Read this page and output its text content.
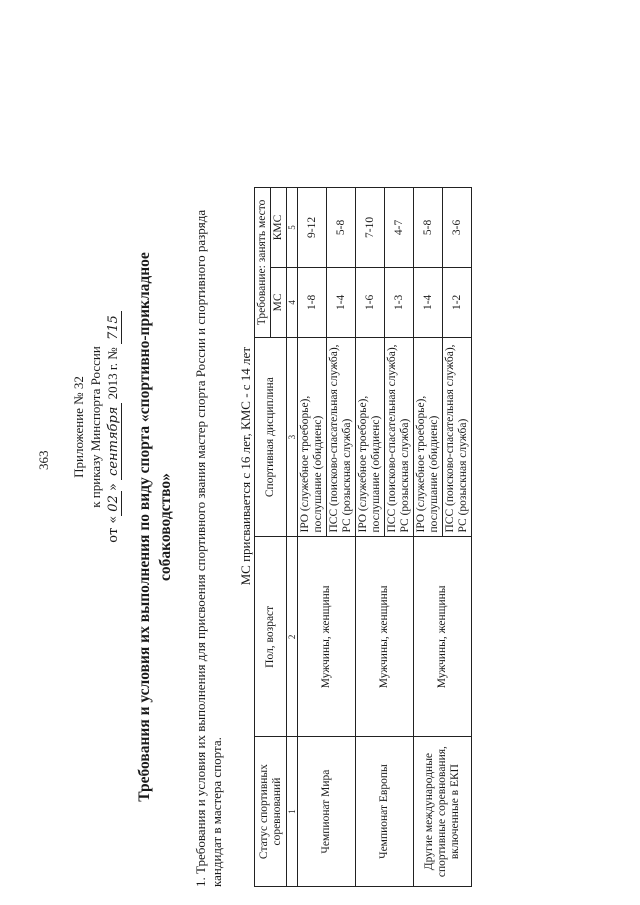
363 Приложение № 32 к приказу Минспорта России
от «02» сентября 2013 г. № 715 Требования и условия их выполнения по виду спорта «спортивно-прикладное собаководство» 1. Требования и условия их выполнения для присвоения спортивного звания мастер спорта России и спортивного разряда кандидат в мастера спорта.
МС присваивается с 16 лет, КМС - с 14 лет
Статус спортивных соревнований	Пол, возраст	Спортивная дисциплина	Требование: занять место	
			МС	КМС
1	2	3	4	5
Чемпионат Мира	Мужчины, женщины	IPO (служебное троеборье), послушание (обидиенс)	1-8	9-12
		ПСС (поисково-спасательная служба), РС (розыскная служба)	1-4	5-8
Чемпионат Европы	Мужчины, женщины	IPO (служебное троеборье), послушание (обидиенс)	1-6	7-10
		ПСС (поисково-спасательная служба), РС (розыскная служба)	1-3	4-7
Другие международные спортивные соревнования, включенные в ЕКП	Мужчины, женщины	IPO (служебное троеборье), послушание (обидиенс)	1-4	5-8
		ПСС (поисково-спасательная служба), РС (розыскная служба)	1-2	3-6
